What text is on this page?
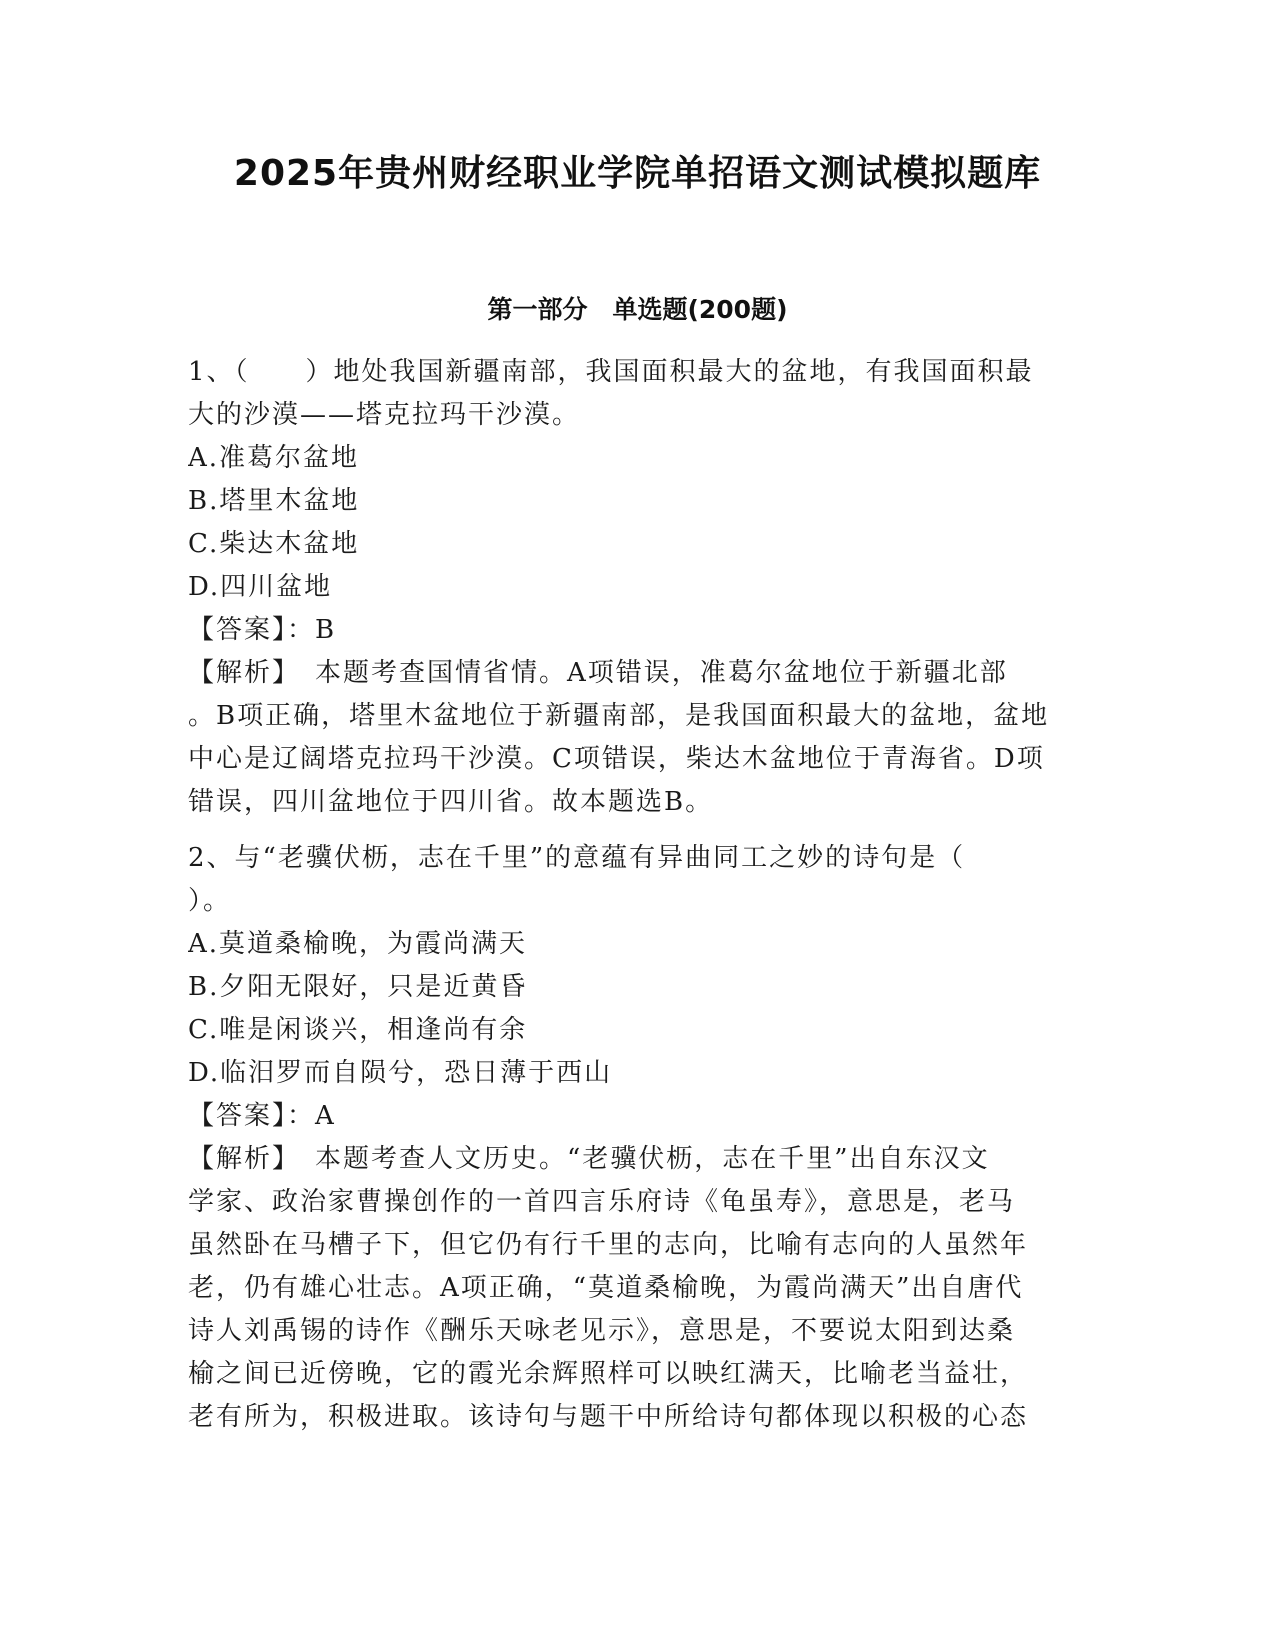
2025年贵州财经职业学院单招语文测试模拟题库
第一部分　单选题(200题)
1、（　　）地处我国新疆南部，我国面积最大的盆地，有我国面积最
大的沙漠——塔克拉玛干沙漠。
A.准葛尔盆地
B.塔里木盆地
C.柴达木盆地
D.四川盆地
【答案】：B
【解析】　本题考查国情省情。A项错误，准葛尔盆地位于新疆北部
。B项正确，塔里木盆地位于新疆南部，是我国面积最大的盆地，盆地
中心是辽阔塔克拉玛干沙漠。C项错误，柴达木盆地位于青海省。D项
错误，四川盆地位于四川省。故本题选B。
2、与“老骥伏枥，志在千里”的意蕴有异曲同工之妙的诗句是（
）。
A.莫道桑榆晚，为霞尚满天
B.夕阳无限好，只是近黄昏
C.唯是闲谈兴，相逢尚有余
D.临汨罗而自陨兮，恐日薄于西山
【答案】：A
【解析】　本题考查人文历史。“老骥伏枥，志在千里”出自东汉文
学家、政治家曹操创作的一首四言乐府诗《龟虽寿》，意思是，老马
虽然卧在马槽子下，但它仍有行千里的志向，比喻有志向的人虽然年
老，仍有雄心壮志。A项正确，“莫道桑榆晚，为霞尚满天”出自唐代
诗人刘禹锡的诗作《酬乐天咏老见示》，意思是，不要说太阳到达桑
榆之间已近傍晚，它的霞光余辉照样可以映红满天，比喻老当益壮，
老有所为，积极进取。该诗句与题干中所给诗句都体现以积极的心态
